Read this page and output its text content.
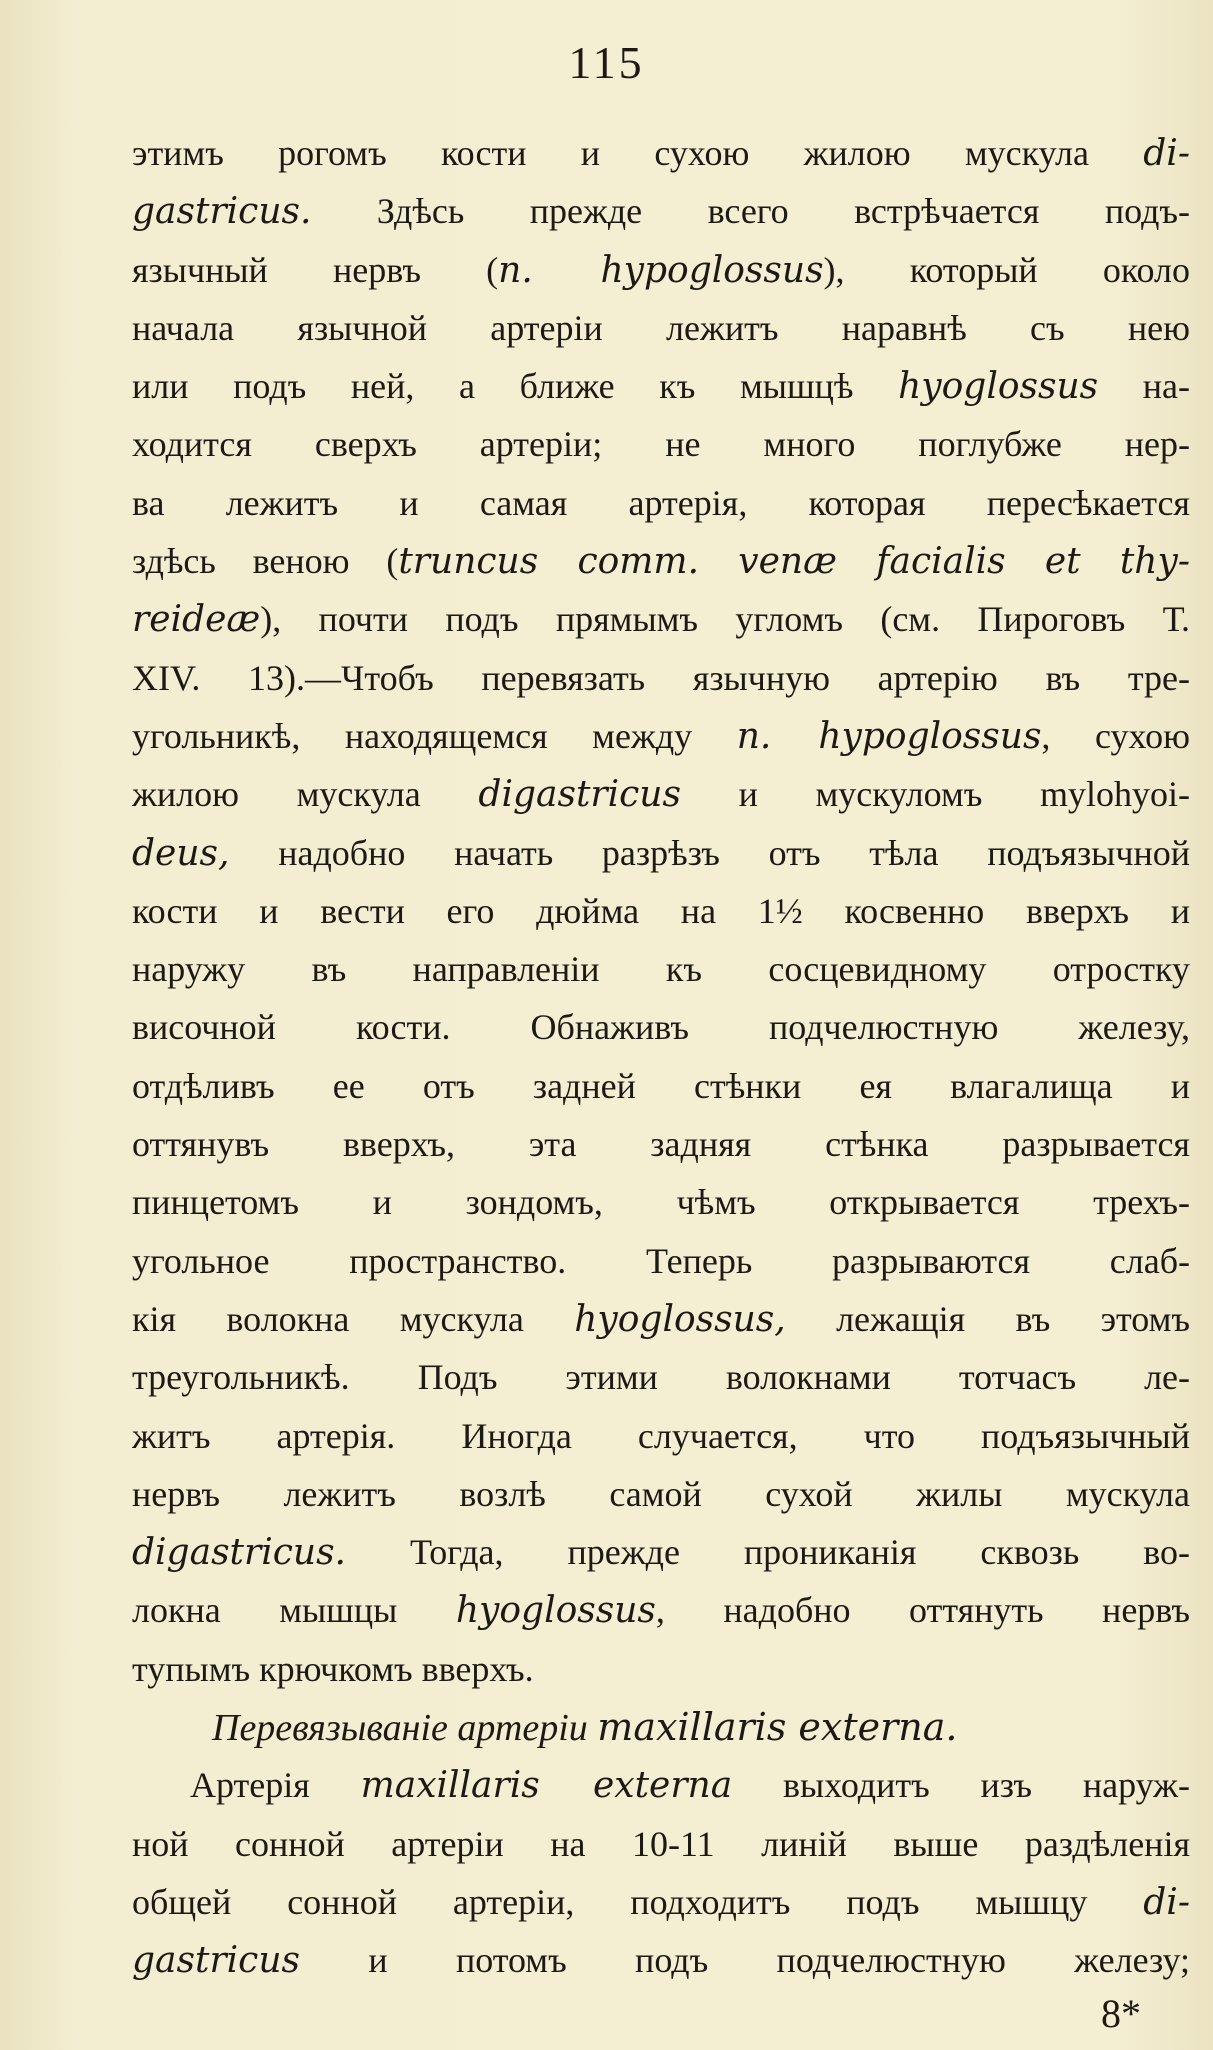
115
этимъ рогомъ кости и сухою жилою мускула di-
gastricus. Здѣсь прежде всего встрѣчается подъ-
язычный нервъ (n. hypoglossus), который около
начала язычной артеріи лежитъ наравнѣ съ нею
или подъ ней, а ближе къ мышцѣ hyoglossus на-
ходится сверхъ артеріи; не много поглубже нер-
ва лежитъ и самая артерія, которая пересѣкается
здѣсь веною (truncus comm. venæ facialis et thy-
reideæ), почти подъ прямымъ угломъ (см. Пироговъ Т.
XIV. 13).—Чтобъ перевязать язычную артерію въ тре-
угольникѣ, находящемся между n. hypoglossus, сухою
жилою мускула digastricus и мускуломъ mylohyoi-
deus, надобно начать разрѣзъ отъ тѣла подъязычной
кости и вести его дюйма на 1½ косвенно вверхъ и
наружу въ направленіи къ сосцевидному отростку
височной кости. Обнаживъ подчелюстную железу,
отдѣливъ ее отъ задней стѣнки ея влагалища и
оттянувъ вверхъ, эта задняя стѣнка разрывается
пинцетомъ и зондомъ, чѣмъ открывается трехъ-
угольное пространство. Теперь разрываются слаб-
кія волокна мускула hyoglossus, лежащія въ этомъ
треугольникѣ. Подъ этими волокнами тотчасъ ле-
житъ артерія. Иногда случается, что подъязычный
нервъ лежитъ возлѣ самой сухой жилы мускула
digastricus. Тогда, прежде прониканія сквозь во-
локна мышцы hyoglossus, надобно оттянуть нервъ
тупымъ крючкомъ вверхъ.
Перевязываніе артеріи maxillaris externa.
Артерія maxillaris externa выходитъ изъ наруж-
ной сонной артеріи на 10-11 линій выше раздѣленія
общей сонной артеріи, подходитъ подъ мышцу di-
gastricus и потомъ подъ подчелюстную железу;
8*
